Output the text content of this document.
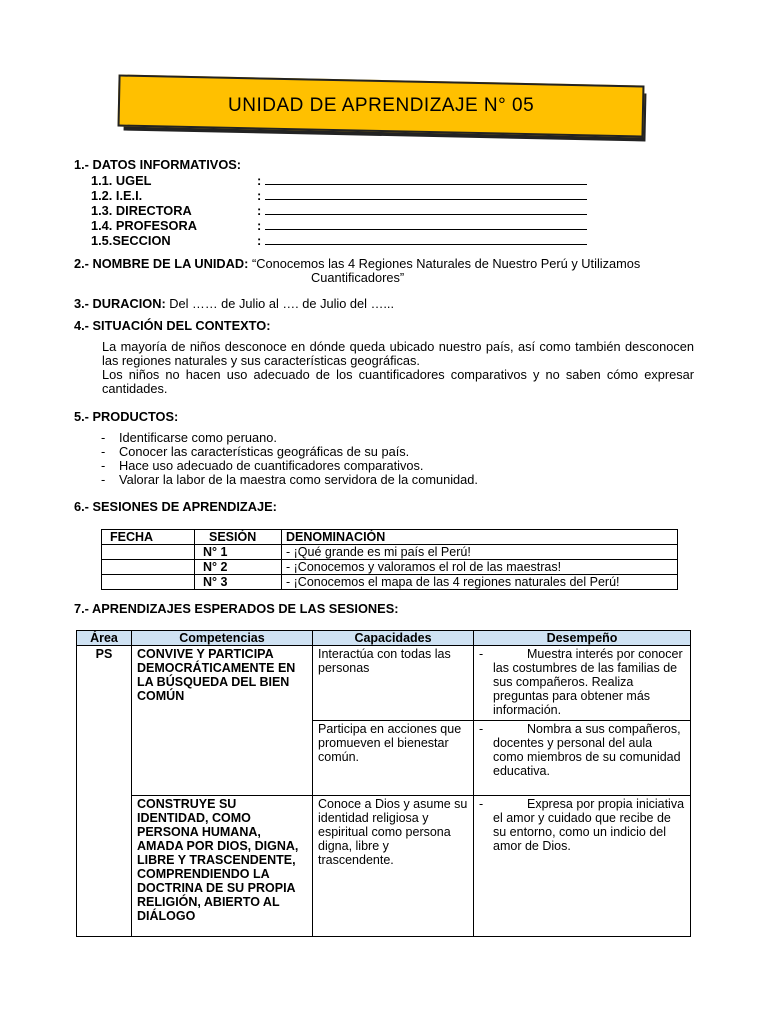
UNIDAD DE APRENDIZAJE N° 05
1.- DATOS INFORMATIVOS:
1.1. UGEL	:
1.2. I.E.I.	:
1.3. DIRECTORA	:
1.4. PROFESORA	:
1.5.SECCION	:
2.- NOMBRE DE LA UNIDAD: “Conocemos las 4 Regiones Naturales de Nuestro Perú y Utilizamos
Cuantificadores”
3.- DURACION: Del …… de Julio al …. de Julio del …...
4.- SITUACIÓN DEL CONTEXTO:
La mayoría de niños desconoce en dónde queda ubicado nuestro país, así como también desconocen las regiones naturales y sus características geográficas.
Los niños no hacen uso adecuado de los cuantificadores comparativos y no saben cómo expresar cantidades.
5.- PRODUCTOS:
-	Identificarse como peruano.
-	Conocer las características geográficas de su país.
-	Hace uso adecuado de cuantificadores comparativos.
-	Valorar la labor de la maestra como servidora de la comunidad.
6.- SESIONES DE APRENDIZAJE:
FECHA	SESIÓN	DENOMINACIÓN
	N° 1	- ¡Qué grande es mi país el Perú!
	N° 2	- ¡Conocemos y valoramos el rol de las maestras!
	N° 3	- ¡Conocemos el mapa de las 4 regiones naturales del Perú!
7.- APRENDIZAJES ESPERADOS DE LAS SESIONES:
Área	Competencias	Capacidades	Desempeño
PS	CONVIVE Y PARTICIPA DEMOCRÁTICAMENTE EN LA BÚSQUEDA DEL BIEN COMÚN	Interactúa con todas las personas	- Muestra interés por conocer las costumbres de las familias de sus compañeros. Realiza preguntas para obtener más información.

		Participa en acciones que promueven el bienestar común.	- Nombra a sus compañeros, docentes y personal del aula como miembros de su comunidad educativa.

	CONSTRUYE SU IDENTIDAD, COMO PERSONA HUMANA, AMADA POR DIOS, DIGNA, LIBRE Y TRASCENDENTE, COMPRENDIENDO LA DOCTRINA DE SU PROPIA RELIGIÓN, ABIERTO AL DIÁLOGO	Conoce a Dios y asume su identidad religiosa y espiritual como persona digna, libre y trascendente.	- Expresa por propia iniciativa el amor y cuidado que recibe de su entorno, como un indicio del amor de Dios.
